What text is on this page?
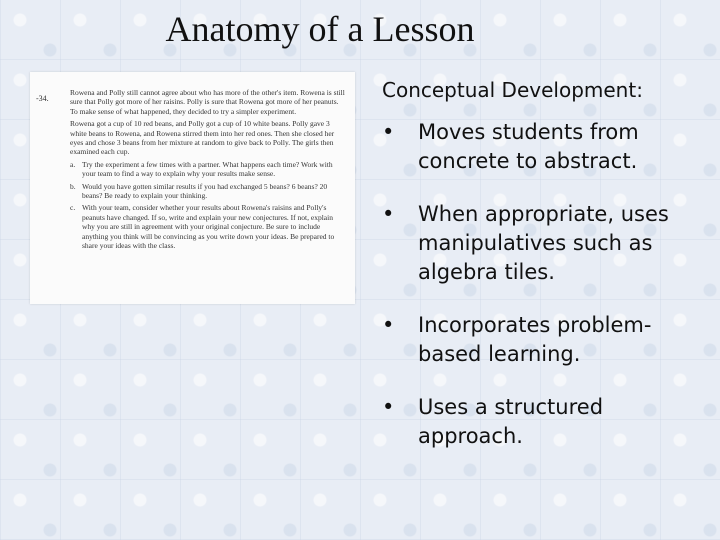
Anatomy of a Lesson
-34.

Rowena and Polly still cannot agree about who has more of the other's item. Rowena is still sure that Polly got more of her raisins. Polly is sure that Rowena got more of her peanuts. To make sense of what happened, they decided to try a simpler experiment.

Rowena got a cup of 10 red beans, and Polly got a cup of 10 white beans. Polly gave 3 white beans to Rowena, and Rowena stirred them into her red ones. Then she closed her eyes and chose 3 beans from her mixture at random to give back to Polly. The girls then examined each cup.

a. Try the experiment a few times with a partner. What happens each time? Work with your team to find a way to explain why your results make sense.

b. Would you have gotten similar results if you had exchanged 5 beans? 6 beans? 20 beans? Be ready to explain your thinking.

c. With your team, consider whether your results about Rowena's raisins and Polly's peanuts have changed. If so, write and explain your new conjectures. If not, explain why you are still in agreement with your original conjecture. Be sure to include anything you think will be convincing as you write down your ideas. Be prepared to share your ideas with the class.

Conceptual Development:
• Moves students from concrete to abstract.
• When appropriate, uses manipulatives such as algebra tiles.
• Incorporates problem-based learning.
• Uses a structured approach.
